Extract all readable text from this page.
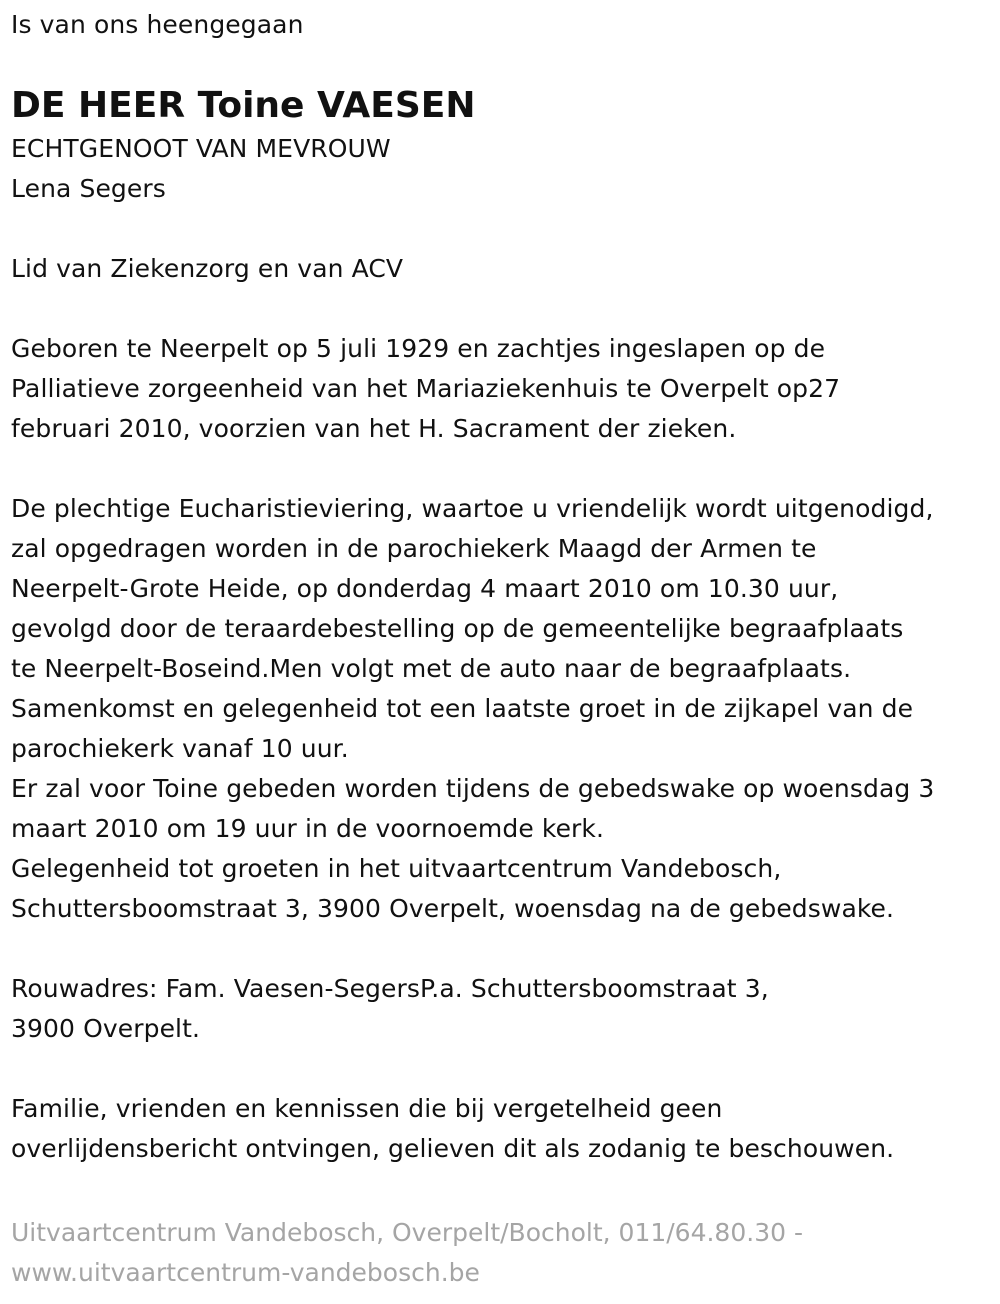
Is van ons heengegaan
DE HEER Toine VAESEN
ECHTGENOOT VAN MEVROUW
Lena Segers
Lid van Ziekenzorg en van ACV
Geboren te Neerpelt op 5 juli 1929 en zachtjes ingeslapen op de
Palliatieve zorgeenheid van het Mariaziekenhuis te Overpelt op27
februari 2010, voorzien van het H. Sacrament der zieken.
De plechtige Eucharistieviering, waartoe u vriendelijk wordt uitgenodigd,
zal opgedragen worden in de parochiekerk Maagd der Armen te
Neerpelt-Grote Heide, op donderdag 4 maart 2010 om 10.30 uur,
gevolgd door de teraardebestelling op de gemeentelijke begraafplaats
te Neerpelt-Boseind.Men volgt met de auto naar de begraafplaats.
Samenkomst en gelegenheid tot een laatste groet in de zijkapel van de
parochiekerk vanaf 10 uur.
Er zal voor Toine gebeden worden tijdens de gebedswake op woensdag 3
maart 2010 om 19 uur in de voornoemde kerk.
Gelegenheid tot groeten in het uitvaartcentrum Vandebosch,
Schuttersboomstraat 3, 3900 Overpelt, woensdag na de gebedswake.
Rouwadres: Fam. Vaesen-SegersP.a. Schuttersboomstraat 3,
3900 Overpelt.
Familie, vrienden en kennissen die bij vergetelheid geen
overlijdensbericht ontvingen, gelieven dit als zodanig te beschouwen.
Uitvaartcentrum Vandebosch, Overpelt/Bocholt, 011/64.80.30 -
www.uitvaartcentrum-vandebosch.be
